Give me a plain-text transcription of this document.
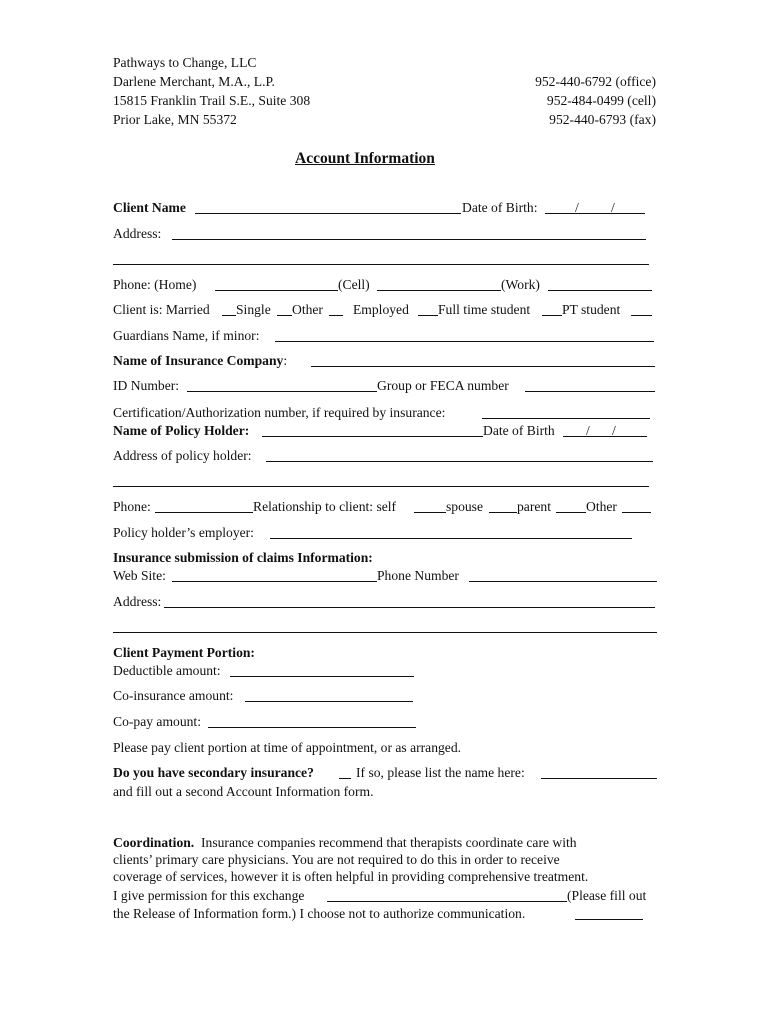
Pathways to Change, LLC
Darlene Merchant, M.A., L.P.
15815 Franklin Trail S.E., Suite 308
Prior Lake, MN 55372
952-440-6792 (office)
952-484-0499 (cell)
952-440-6793 (fax)
Account Information
Client Name	Date of Birth:	/ /
Address:
Phone: (Home)	(Cell)	(Work)
Client is: Married Single Other Employed Full time student PT student
Guardians Name, if minor:
Name of Insurance Company:
ID Number:	Group or FECA number
Certification/Authorization number, if required by insurance:
Name of Policy Holder:	Date of Birth / /
Address of policy holder:
Phone:	Relationship to client: self	spouse parent	Other
Policy holder’s employer:
Insurance submission of claims Information:
Web Site:	Phone Number
Address:
Client Payment Portion:
Deductible amount:
Co-insurance amount:
Co-pay amount:
Please pay client portion at time of appointment, or as arranged.
Do you have secondary insurance?	If so, please list the name here:
and fill out a second Account Information form.
Coordination. Insurance companies recommend that therapists coordinate care with
clients’ primary care physicians. You are not required to do this in order to receive
coverage of services, however it is often helpful in providing comprehensive treatment.
I give permission for this exchange	(Please fill out
the Release of Information form.) I choose not to authorize communication.
